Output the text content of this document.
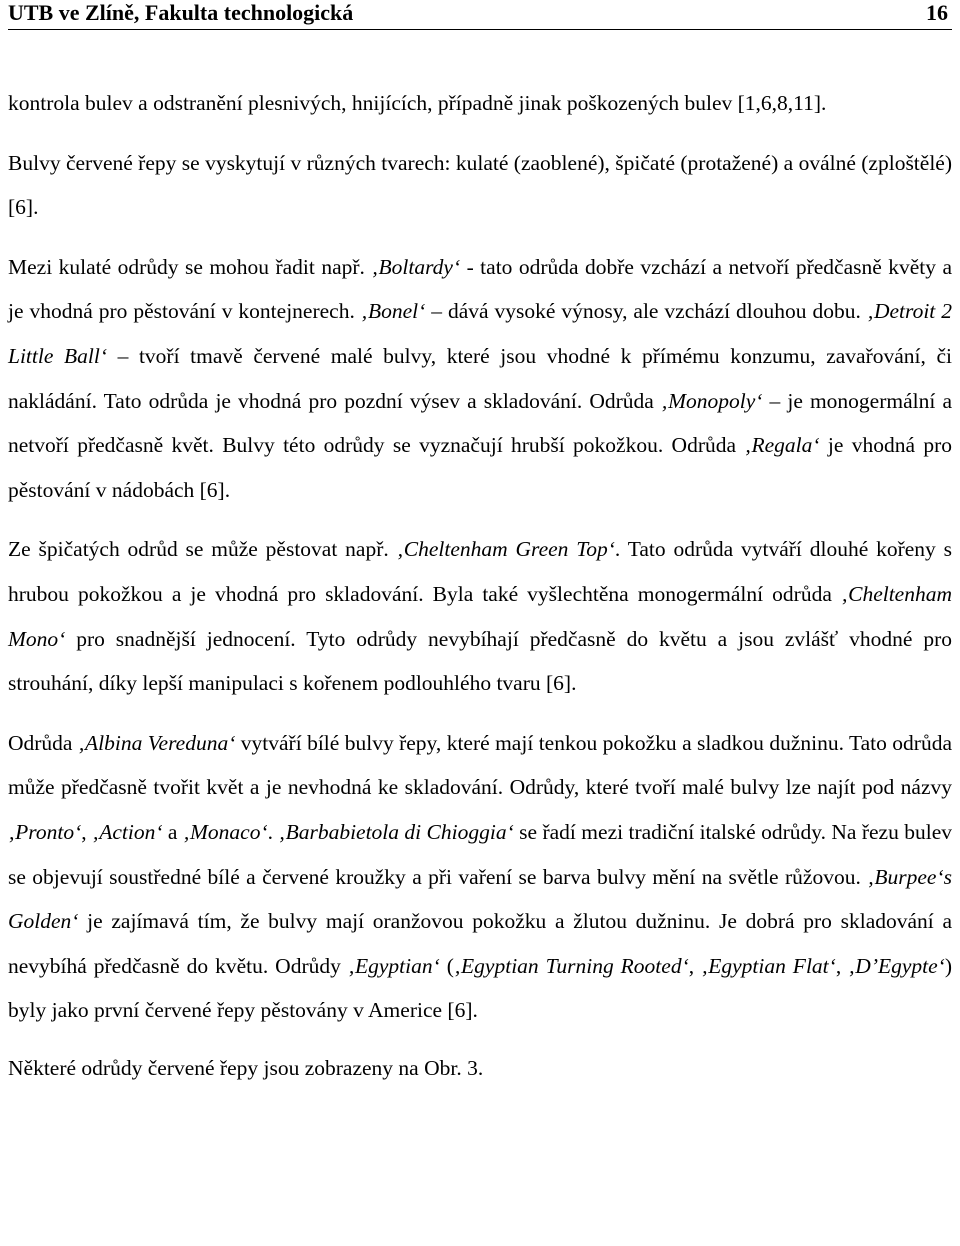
UTB ve Zlíně, Fakulta technologická	16

kontrola bulev a odstranění plesnivých, hnijících, případně jinak poškozených bulev [1,6,8,11].

Bulvy červené řepy se vyskytují v různých tvarech: kulaté (zaoblené), špičaté (protažené) a oválné (zploštělé) [6].

Mezi kulaté odrůdy se mohou řadit např. ‚Boltardy‘ - tato odrůda dobře vzchází a netvoří předčasně květy a je vhodná pro pěstování v kontejnerech. ‚Bonel‘ – dává vysoké výnosy, ale vzchází dlouhou dobu. ‚Detroit 2 Little Ball‘ – tvoří tmavě červené malé bulvy, které jsou vhodné k přímému konzumu, zavařování, či nakládání. Tato odrůda je vhodná pro pozdní výsev a skladování. Odrůda ‚Monopoly‘ – je monogermální a netvoří předčasně květ. Bulvy této odrůdy se vyznačují hrubší pokožkou. Odrůda ‚Regala‘ je vhodná pro pěstování v nádobách [6].

Ze špičatých odrůd se může pěstovat např. ‚Cheltenham Green Top‘. Tato odrůda vytváří dlouhé kořeny s hrubou pokožkou a je vhodná pro skladování. Byla také vyšlechtěna monogermální odrůda ‚Cheltenham Mono‘ pro snadnější jednocení. Tyto odrůdy nevybíhají předčasně do květu a jsou zvlášť vhodné pro strouhání, díky lepší manipulaci s kořenem podlouhlého tvaru [6].

Odrůda ‚Albina Vereduna‘ vytváří bílé bulvy řepy, které mají tenkou pokožku a sladkou dužninu. Tato odrůda může předčasně tvořit květ a je nevhodná ke skladování. Odrůdy, které tvoří malé bulvy lze najít pod názvy ‚Pronto‘, ‚Action‘ a ‚Monaco‘. ‚Barbabietola di Chioggia‘ se řadí mezi tradiční italské odrůdy. Na řezu bulev se objevují soustředné bílé a červené kroužky a při vaření se barva bulvy mění na světle růžovou. ‚Burpee‘s Golden‘ je zajímavá tím, že bulvy mají oranžovou pokožku a žlutou dužninu. Je dobrá pro skladování a nevybíhá předčasně do květu. Odrůdy ‚Egyptian‘ (‚Egyptian Turning Rooted‘, ‚Egyptian Flat‘, ‚D’Egypte‘) byly jako první červené řepy pěstovány v Americe [6].

Některé odrůdy červené řepy jsou zobrazeny na Obr. 3.
